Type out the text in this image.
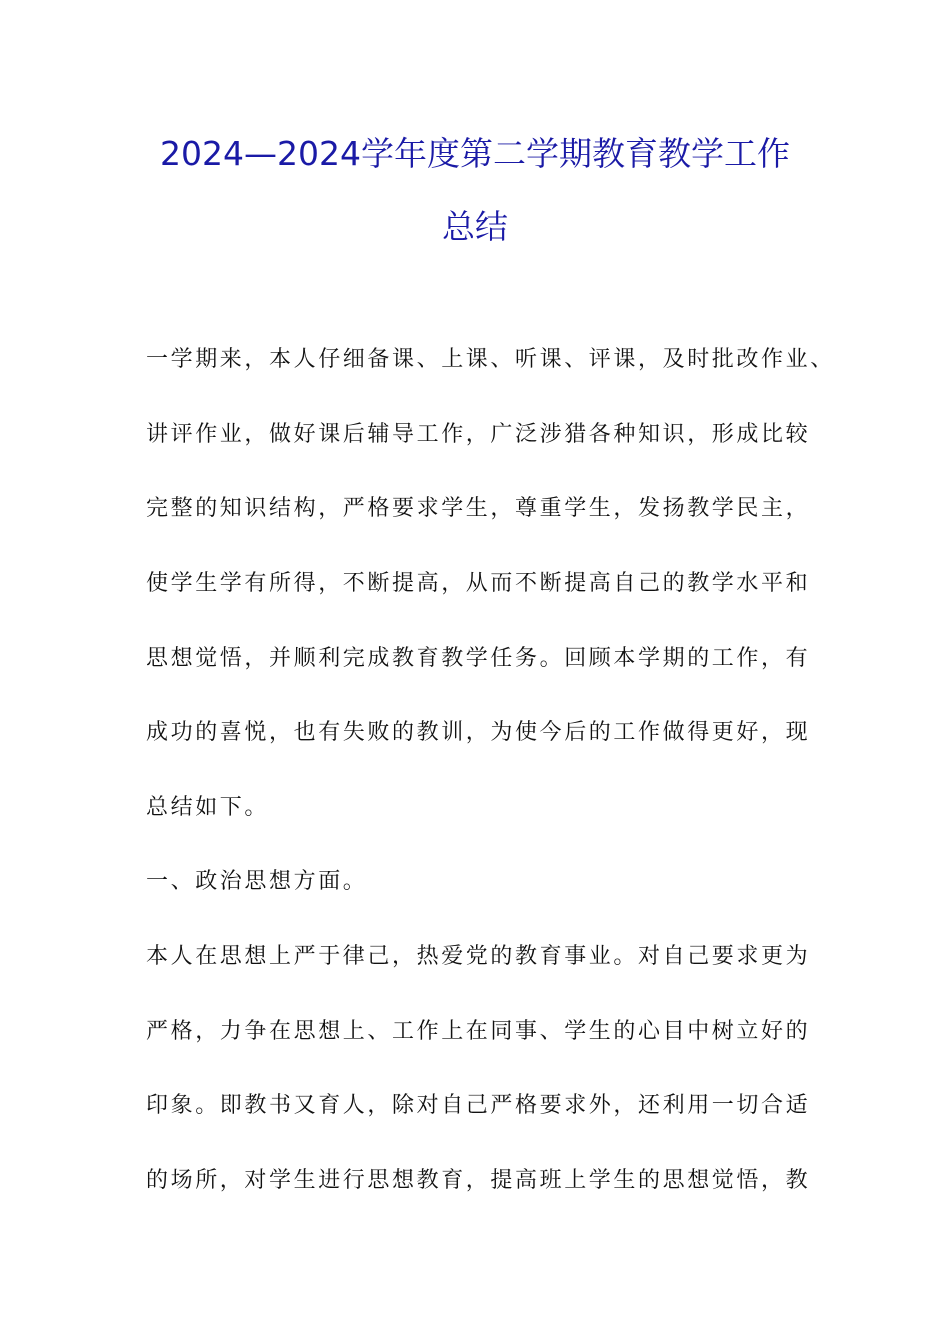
2024—2024学年度第二学期教育教学工作
总结
一学期来，本人仔细备课、上课、听课、评课，及时批改作业、
讲评作业，做好课后辅导工作，广泛涉猎各种知识，形成比较
完整的知识结构，严格要求学生，尊重学生，发扬教学民主，
使学生学有所得，不断提高，从而不断提高自己的教学水平和
思想觉悟，并顺利完成教育教学任务。回顾本学期的工作，有
成功的喜悦，也有失败的教训，为使今后的工作做得更好，现
总结如下。
一、政治思想方面。
本人在思想上严于律己，热爱党的教育事业。对自己要求更为
严格，力争在思想上、工作上在同事、学生的心目中树立好的
印象。即教书又育人，除对自己严格要求外，还利用一切合适
的场所，对学生进行思想教育，提高班上学生的思想觉悟，教
